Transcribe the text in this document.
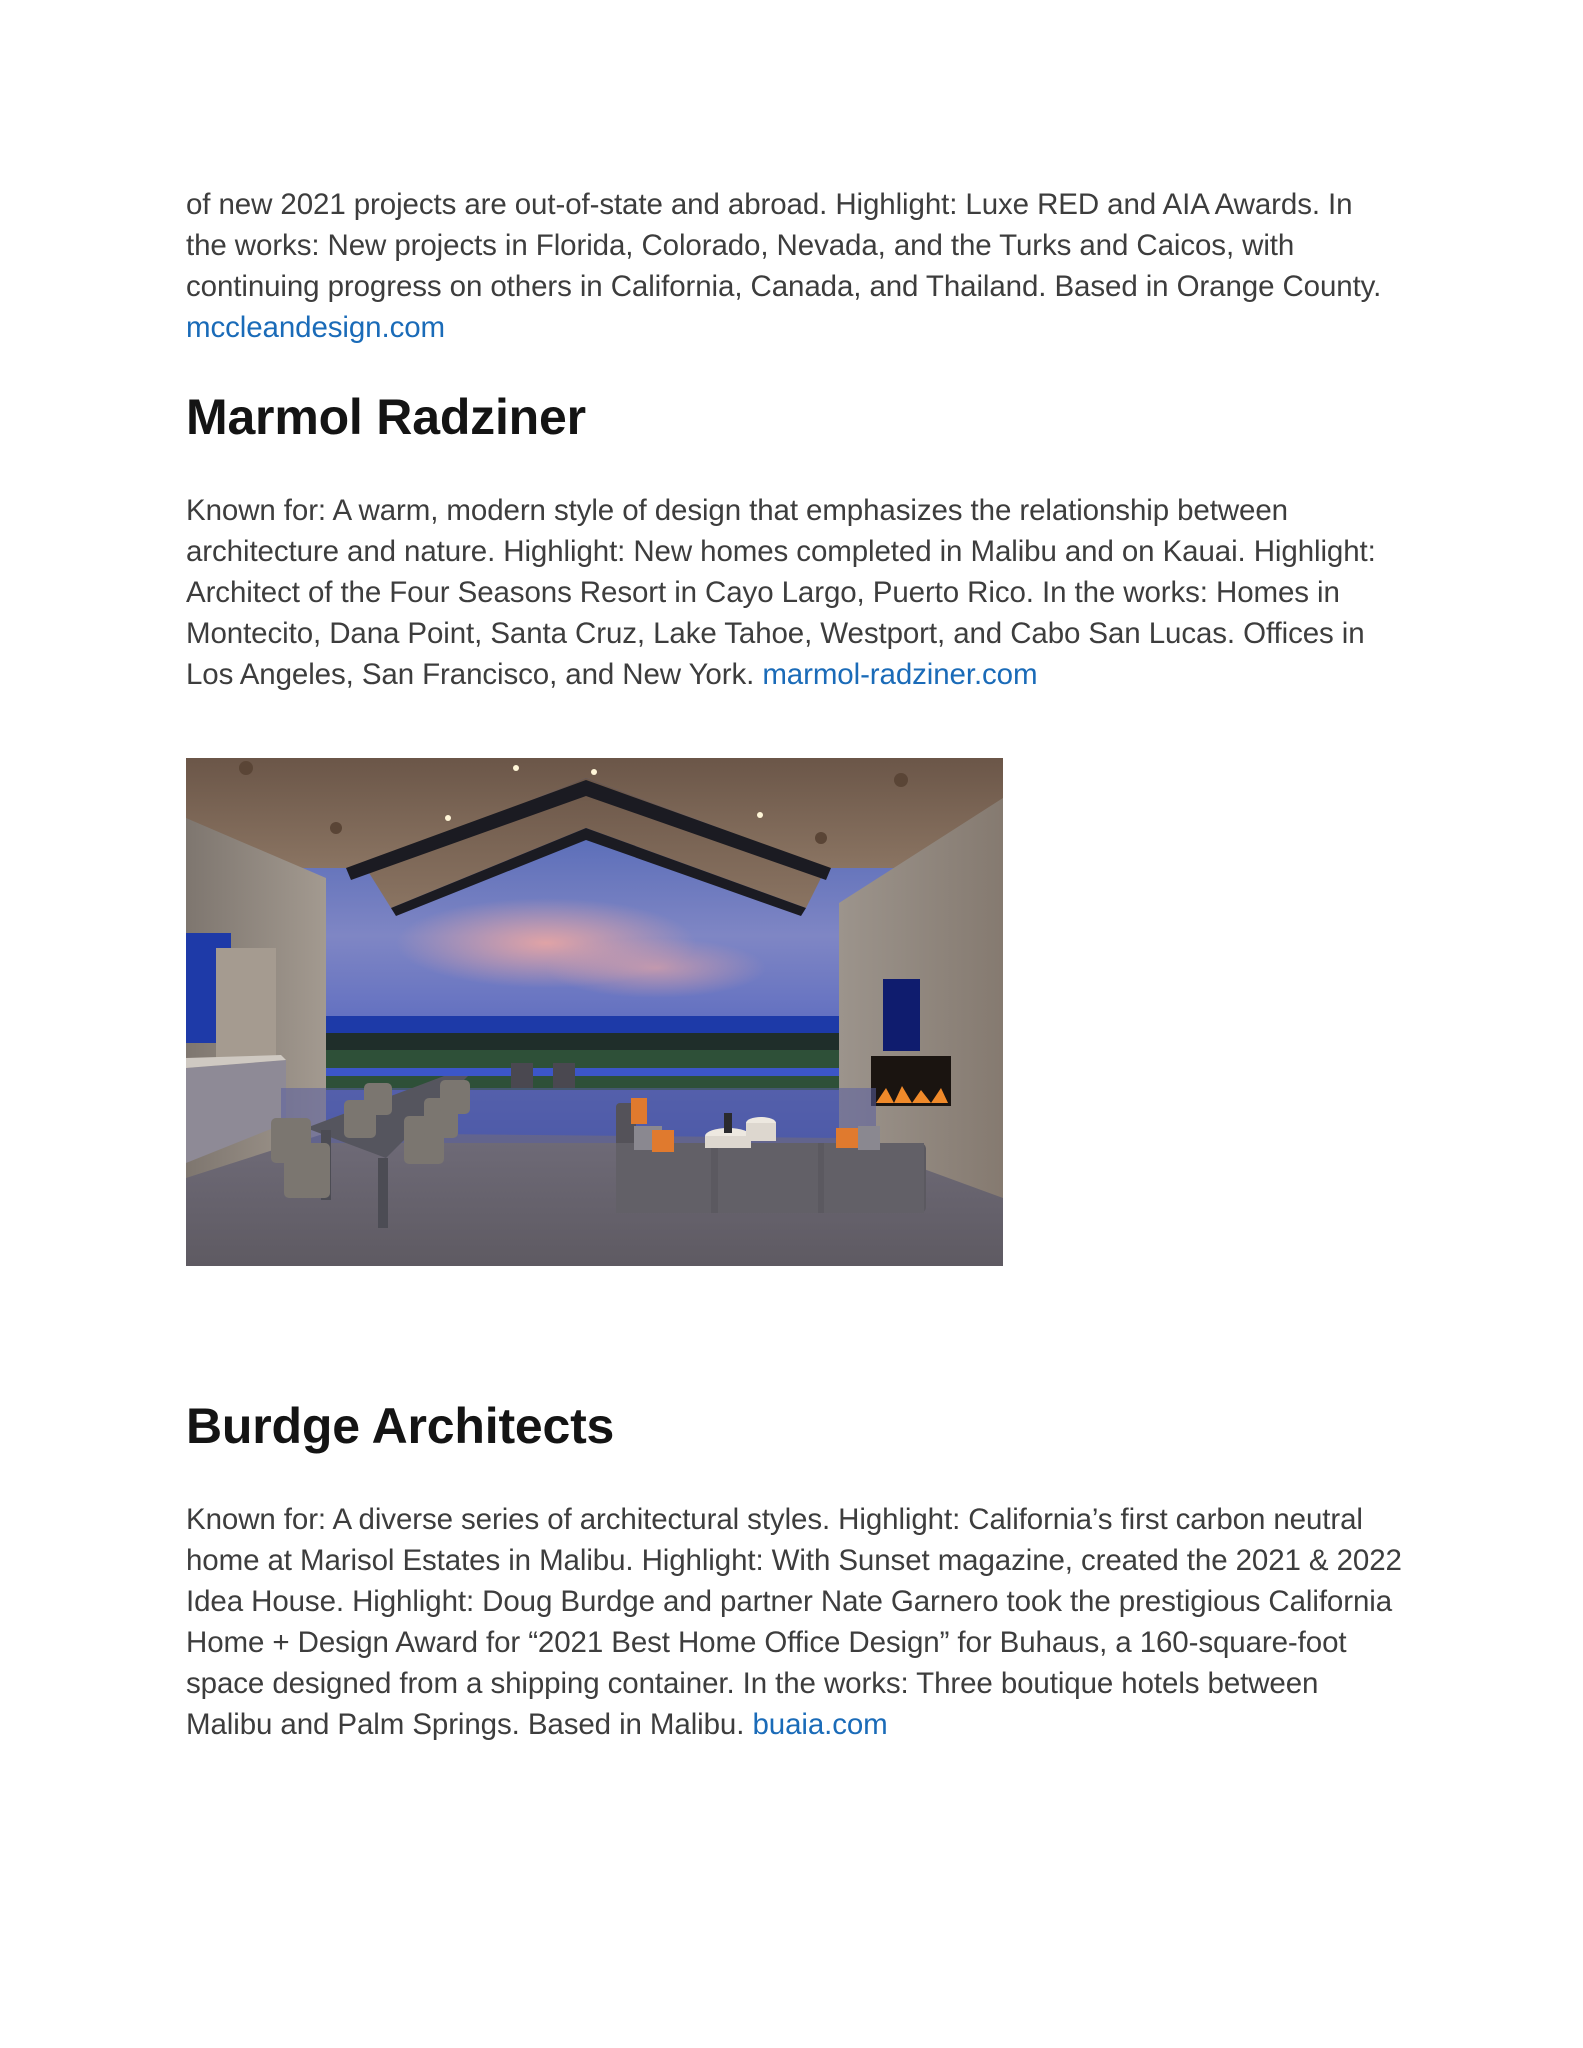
of new 2021 projects are out-of-state and abroad. Highlight: Luxe RED and AIA Awards. In the works: New projects in Florida, Colorado, Nevada, and the Turks and Caicos, with continuing progress on others in California, Canada, and Thailand. Based in Orange County. mccleandesign.com

Marmol Radziner

Known for: A warm, modern style of design that emphasizes the relationship between architecture and nature. Highlight: New homes completed in Malibu and on Kauai. Highlight: Architect of the Four Seasons Resort in Cayo Largo, Puerto Rico. In the works: Homes in Montecito, Dana Point, Santa Cruz, Lake Tahoe, Westport, and Cabo San Lucas. Offices in Los Angeles, San Francisco, and New York. marmol-radziner.com

Burdge Architects

Known for: A diverse series of architectural styles. Highlight: California’s first carbon neutral home at Marisol Estates in Malibu. Highlight: With Sunset magazine, created the 2021 & 2022 Idea House. Highlight: Doug Burdge and partner Nate Garnero took the prestigious California Home + Design Award for “2021 Best Home Office Design” for Buhaus, a 160-square-foot space designed from a shipping container. In the works: Three boutique hotels between Malibu and Palm Springs. Based in Malibu. buaia.com
